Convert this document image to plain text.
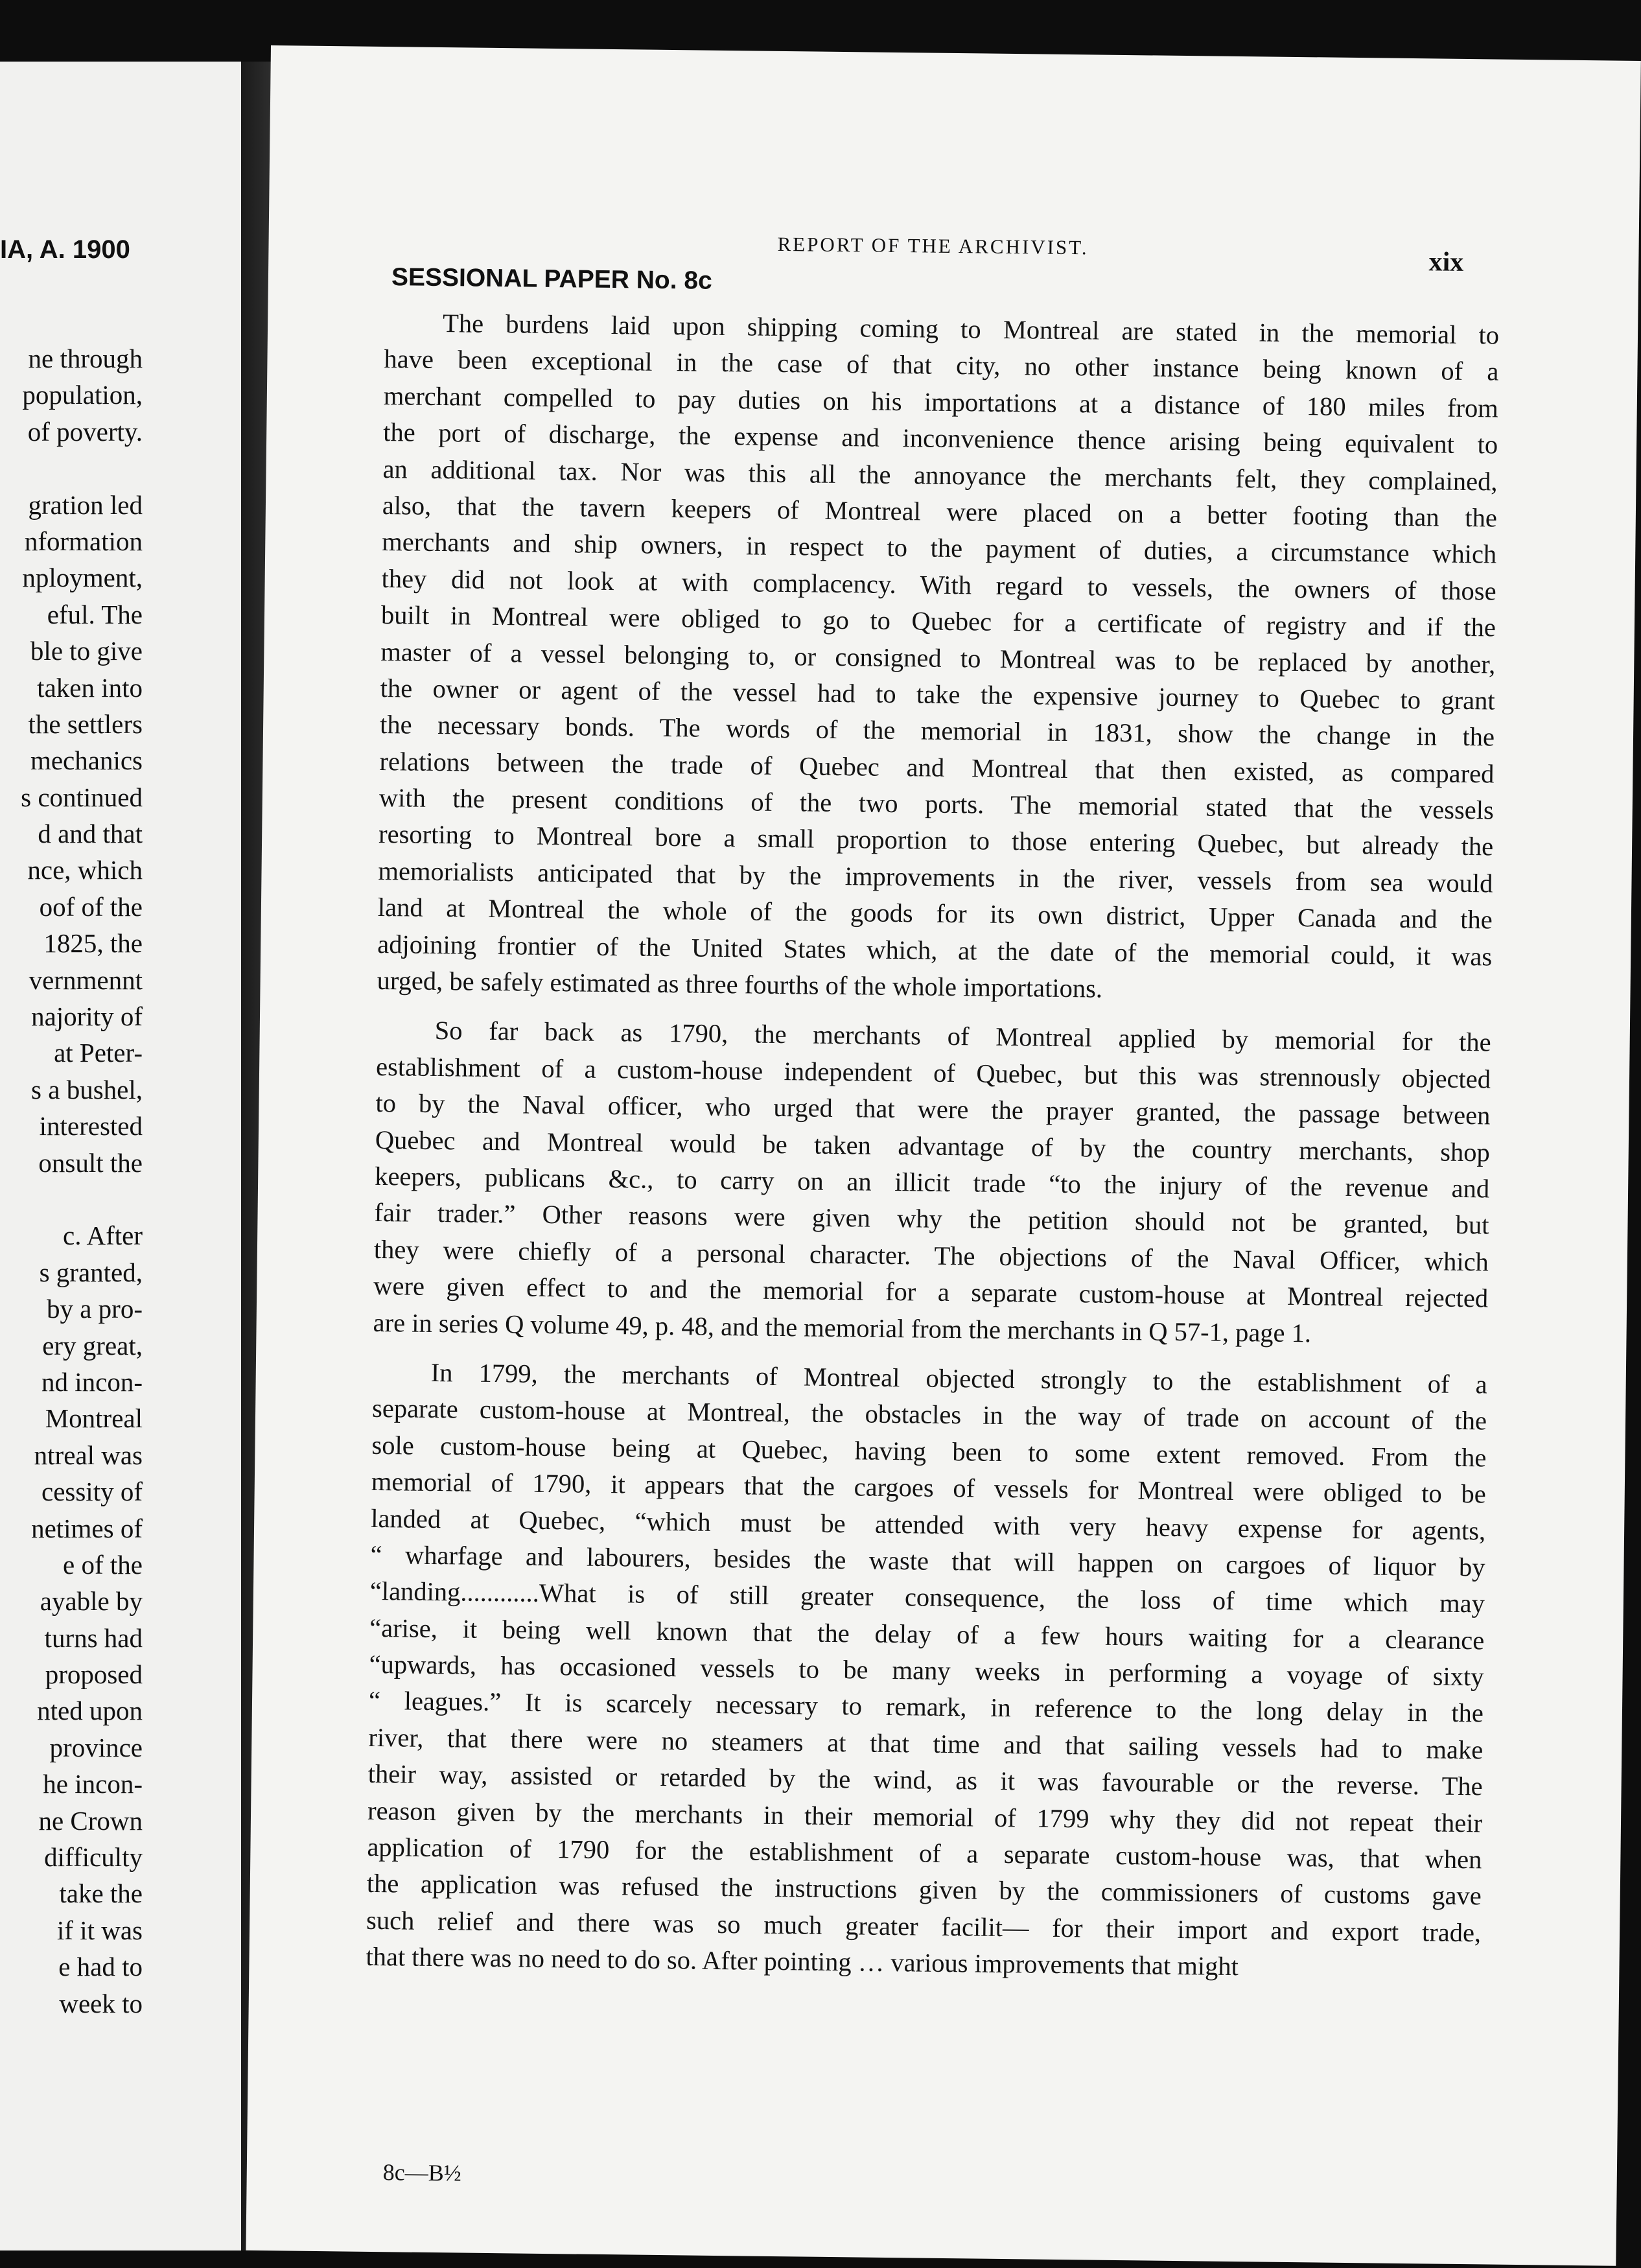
IA, A. 1900
ne through
population,
of poverty.
gration led
nformation
nployment,
eful. The
ble to give
taken into
the settlers
mechanics
s continued
d and that
nce, which
oof of the
1825, the
vernmennt
najority of
at Peter-
s a bushel,
interested
onsult the
c. After
s granted,
by a pro-
ery great,
nd incon-
Montreal
ntreal was
cessity of
netimes of
e of the
ayable by
turns had
proposed
nted upon
province
he incon-
ne Crown
difficulty
take the
if it was
e had to
week to
REPORT OF THE ARCHIVIST.
xix
SESSIONAL PAPER No. 8c
The burdens laid upon shipping coming to Montreal are stated in the memorial to
have been exceptional in the case of that city, no other instance being known of a
merchant compelled to pay duties on his importations at a distance of 180 miles from
the port of discharge, the expense and inconvenience thence arising being equivalent to
an additional tax. Nor was this all the annoyance the merchants felt, they complained,
also, that the tavern keepers of Montreal were placed on a better footing than the
merchants and ship owners, in respect to the payment of duties, a circumstance which
they did not look at with complacency. With regard to vessels, the owners of those
built in Montreal were obliged to go to Quebec for a certificate of registry and if the
master of a vessel belonging to, or consigned to Montreal was to be replaced by another,
the owner or agent of the vessel had to take the expensive journey to Quebec to grant
the necessary bonds. The words of the memorial in 1831, show the change in the
relations between the trade of Quebec and Montreal that then existed, as compared
with the present conditions of the two ports. The memorial stated that the vessels
resorting to Montreal bore a small proportion to those entering Quebec, but already the
memorialists anticipated that by the improvements in the river, vessels from sea would
land at Montreal the whole of the goods for its own district, Upper Canada and the
adjoining frontier of the United States which, at the date of the memorial could, it was
urged, be safely estimated as three fourths of the whole importations.
So far back as 1790, the merchants of Montreal applied by memorial for the
establishment of a custom-house independent of Quebec, but this was strennously objected
to by the Naval officer, who urged that were the prayer granted, the passage between
Quebec and Montreal would be taken advantage of by the country merchants, shop
keepers, publicans &c., to carry on an illicit trade “to the injury of the revenue and
fair trader.” Other reasons were given why the petition should not be granted, but
they were chiefly of a personal character. The objections of the Naval Officer, which
were given effect to and the memorial for a separate custom-house at Montreal rejected
are in series Q volume 49, p. 48, and the memorial from the merchants in Q 57-1, page 1.
In 1799, the merchants of Montreal objected strongly to the establishment of a
separate custom-house at Montreal, the obstacles in the way of trade on account of the
sole custom-house being at Quebec, having been to some extent removed. From the
memorial of 1790, it appears that the cargoes of vessels for Montreal were obliged to be
landed at Quebec, “which must be attended with very heavy expense for agents,
“ wharfage and labourers, besides the waste that will happen on cargoes of liquor by
“landing............What is of still greater consequence, the loss of time which may
“arise, it being well known that the delay of a few hours waiting for a clearance
“upwards, has occasioned vessels to be many weeks in performing a voyage of sixty
“ leagues.” It is scarcely necessary to remark, in reference to the long delay in the
river, that there were no steamers at that time and that sailing vessels had to make
their way, assisted or retarded by the wind, as it was favourable or the reverse. The
reason given by the merchants in their memorial of 1799 why they did not repeat their
application of 1790 for the establishment of a separate custom-house was, that when
the application was refused the instructions given by the commissioners of customs gave
such relief and there was so much greater facilit— for their import and export trade,
that there was no need to do so. After pointing … various improvements that might
8c—B½
